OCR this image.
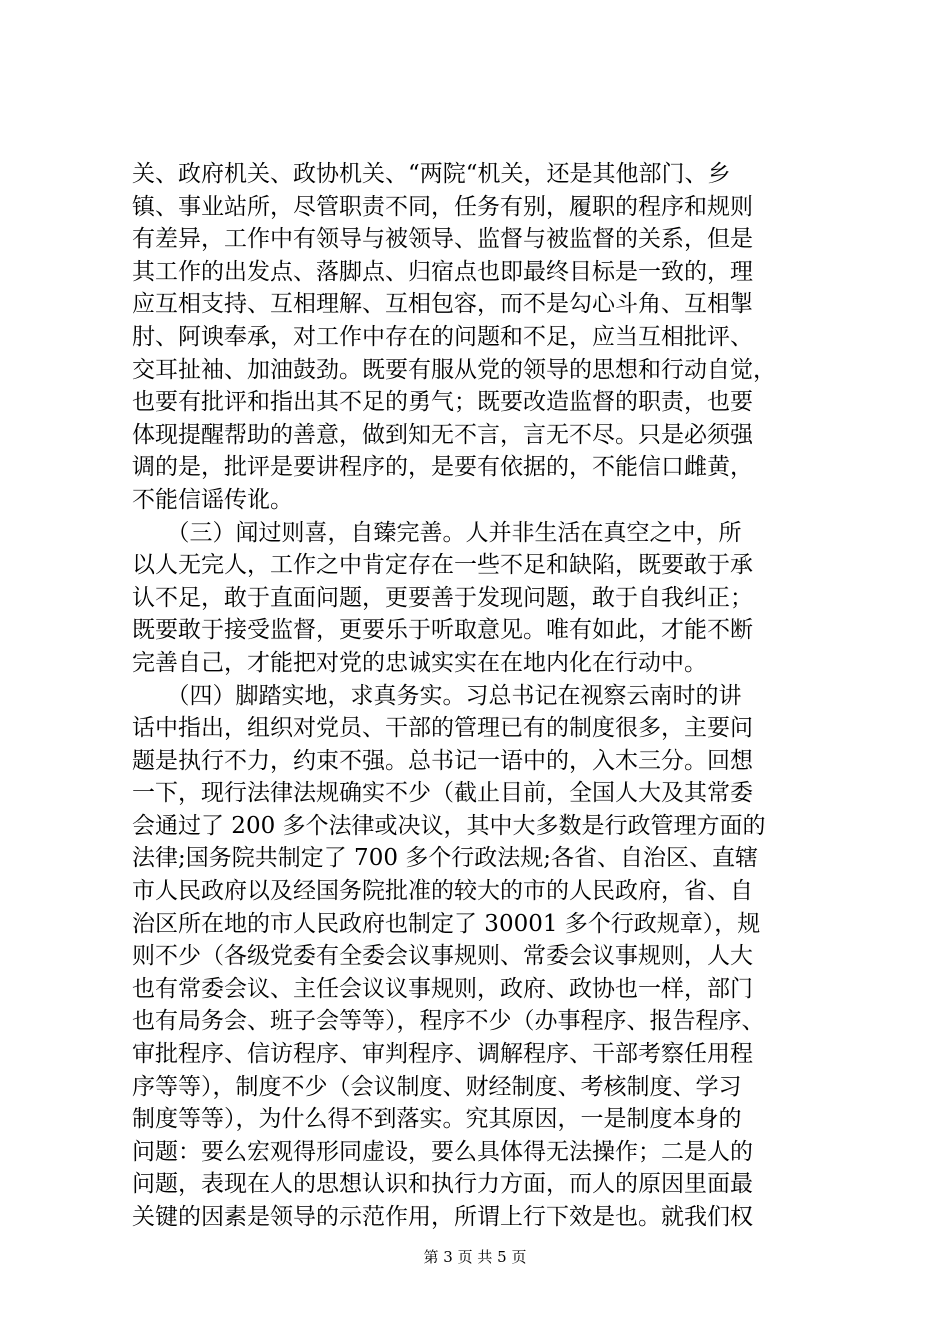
关、政府机关、政协机关、“两院“机关，还是其他部门、乡
镇、事业站所，尽管职责不同，任务有别，履职的程序和规则
有差异，工作中有领导与被领导、监督与被监督的关系，但是
其工作的出发点、落脚点、归宿点也即最终目标是一致的，理
应互相支持、互相理解、互相包容，而不是勾心斗角、互相掣
肘、阿谀奉承，对工作中存在的问题和不足，应当互相批评、
交耳扯袖、加油鼓劲。既要有服从党的领导的思想和行动自觉，
也要有批评和指出其不足的勇气；既要改造监督的职责，也要
体现提醒帮助的善意，做到知无不言，言无不尽。只是必须强
调的是，批评是要讲程序的，是要有依据的，不能信口雌黄，
不能信谣传讹。
　　（三）闻过则喜，自臻完善。人并非生活在真空之中，所
以人无完人，工作之中肯定存在一些不足和缺陷，既要敢于承
认不足，敢于直面问题，更要善于发现问题，敢于自我纠正；
既要敢于接受监督，更要乐于听取意见。唯有如此，才能不断
完善自己，才能把对党的忠诚实实在在地内化在行动中。
　　（四）脚踏实地，求真务实。习总书记在视察云南时的讲
话中指出，组织对党员、干部的管理已有的制度很多，主要问
题是执行不力，约束不强。总书记一语中的，入木三分。回想
一下，现行法律法规确实不少（截止目前，全国人大及其常委
会通过了 200 多个法律或决议，其中大多数是行政管理方面的
法律;国务院共制定了 700 多个行政法规;各省、自治区、直辖
市人民政府以及经国务院批准的较大的市的人民政府，省、自
治区所在地的市人民政府也制定了 30001 多个行政规章），规
则不少（各级党委有全委会议事规则、常委会议事规则，人大
也有常委会议、主任会议议事规则，政府、政协也一样，部门
也有局务会、班子会等等），程序不少（办事程序、报告程序、
审批程序、信访程序、审判程序、调解程序、干部考察任用程
序等等），制度不少（会议制度、财经制度、考核制度、学习
制度等等），为什么得不到落实。究其原因，一是制度本身的
问题：要么宏观得形同虚设，要么具体得无法操作；二是人的
问题，表现在人的思想认识和执行力方面，而人的原因里面最
关键的因素是领导的示范作用，所谓上行下效是也。就我们权
第 3 页 共 5 页
